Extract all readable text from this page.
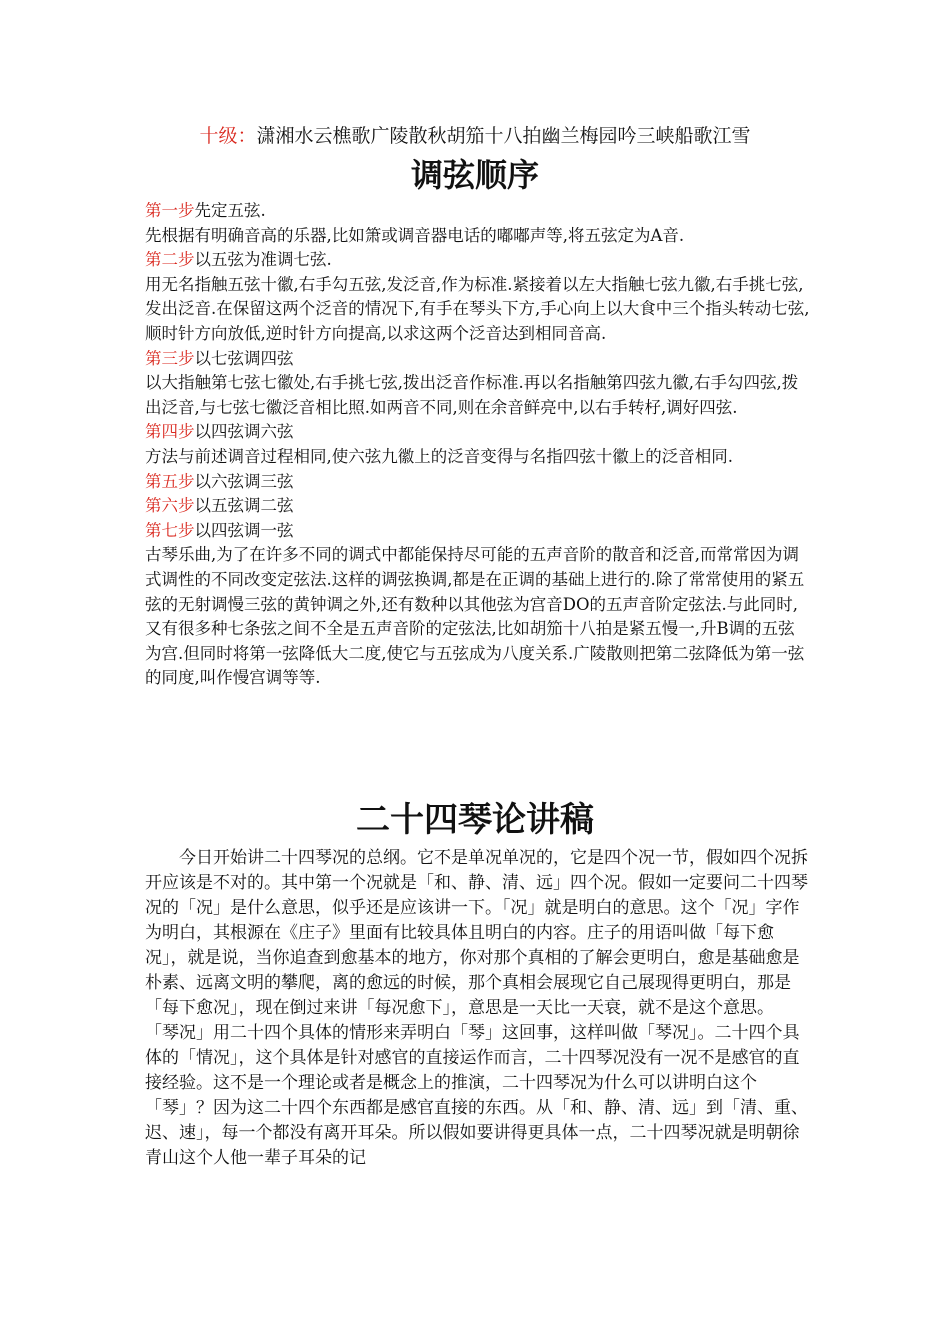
十级：潇湘水云樵歌广陵散秋胡笳十八拍幽兰梅园吟三峡船歌江雪
调弦顺序
第一步先定五弦.
先根据有明确音高的乐器,比如箫或调音器电话的嘟嘟声等,将五弦定为A音.
第二步以五弦为准调七弦.
用无名指触五弦十徽,右手勾五弦,发泛音,作为标准.紧接着以左大指触七弦九徽,右手挑七弦,发出泛音.在保留这两个泛音的情况下,有手在琴头下方,手心向上以大食中三个指头转动七弦,顺时针方向放低,逆时针方向提高,以求这两个泛音达到相同音高.
第三步以七弦调四弦
以大指触第七弦七徽处,右手挑七弦,拨出泛音作标准.再以名指触第四弦九徽,右手勾四弦,拨出泛音,与七弦七徽泛音相比照.如两音不同,则在余音鲜亮中,以右手转杍,调好四弦.
第四步以四弦调六弦
方法与前述调音过程相同,使六弦九徽上的泛音变得与名指四弦十徽上的泛音相同.
第五步以六弦调三弦
第六步以五弦调二弦
第七步以四弦调一弦
古琴乐曲,为了在许多不同的调式中都能保持尽可能的五声音阶的散音和泛音,而常常因为调式调性的不同改变定弦法.这样的调弦换调,都是在正调的基础上进行的.除了常常使用的紧五弦的无射调慢三弦的黄钟调之外,还有数种以其他弦为宫音DO的五声音阶定弦法.与此同时,又有很多种七条弦之间不全是五声音阶的定弦法,比如胡笳十八拍是紧五慢一,升B调的五弦为宫.但同时将第一弦降低大二度,使它与五弦成为八度关系.广陵散则把第二弦降低为第一弦的同度,叫作慢宫调等等.
二十四琴论讲稿

今日开始讲二十四琴况的总纲。它不是单况单况的，它是四个况一节，假如四个况拆开应该是不对的。其中第一个况就是「和、静、清、远」四个况。假如一定要问二十四琴况的「况」是什么意思，似乎还是应该讲一下。「况」就是明白的意思。这个「况」字作为明白，其根源在《庄子》里面有比较具体且明白的内容。庄子的用语叫做「每下愈况」，就是说，当你追查到愈基本的地方，你对那个真相的了解会更明白，愈是基础愈是朴素、远离文明的攀爬，离的愈远的时候，那个真相会展现它自己展现得更明白，那是「每下愈况」，现在倒过来讲「每况愈下」，意思是一天比一天衰，就不是这个意思。

「琴况」用二十四个具体的情形来弄明白「琴」这回事，这样叫做「琴况」。二十四个具体的「情况」，这个具体是针对感官的直接运作而言，二十四琴况没有一况不是感官的直接经验。这不是一个理论或者是概念上的推演，二十四琴况为什么可以讲明白这个「琴」？因为这二十四个东西都是感官直接的东西。从「和、静、清、远」到「清、重、迟、速」，每一个都没有离开耳朵。所以假如要讲得更具体一点，二十四琴况就是明朝徐青山这个人他一辈子耳朵的记
